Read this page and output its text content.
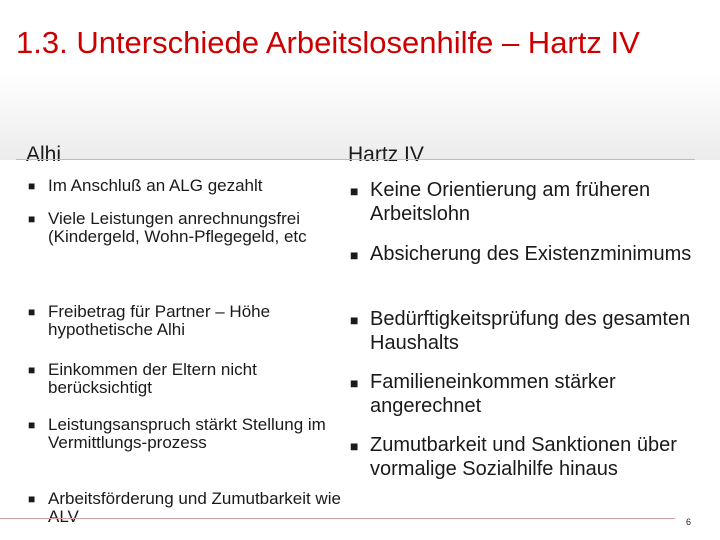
1.3. Unterschiede Arbeitslosenhilfe – Hartz IV
Alhi	Hartz IV

■ Im Anschluß an ALG gezahlt

■ Viele Leistungen anrechnungsfrei (Kindergeld, Wohn-Pflegegeld, etc

■ Freibetrag für Partner – Höhe hypothetische Alhi

■ Einkommen der Eltern nicht berücksichtigt

■ Leistungsanspruch stärkt Stellung im Vermittlungs-prozess

■ Arbeitsförderung und Zumutbarkeit wie ALV

■ Keine Orientierung am früheren Arbeitslohn

■ Absicherung des Existenzminimums

■ Bedürftigkeitsprüfung des gesamten Haushalts

■ Familieneinkommen stärker angerechnet

■ Zumutbarkeit und Sanktionen über vormalige Sozialhilfe hinaus

6
